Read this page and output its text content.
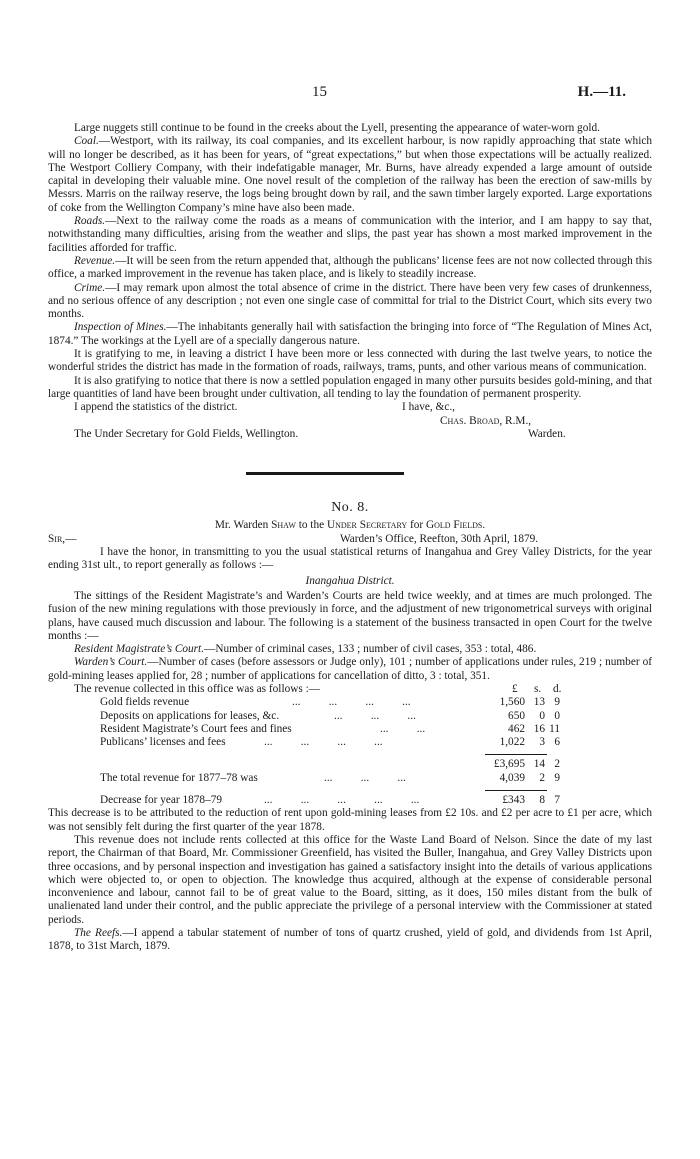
15	H.—11.

Large nuggets still continue to be found in the creeks about the Lyell, presenting the appearance of water-worn gold.

Coal.—Westport, with its railway, its coal companies, and its excellent harbour, is now rapidly approaching that state which will no longer be described, as it has been for years, of “great expectations,” but when those expectations will be actually realized. The Westport Colliery Company, with their indefatigable manager, Mr. Burns, have already expended a large amount of outside capital in developing their valuable mine. One novel result of the completion of the railway has been the erection of saw-mills by Messrs. Marris on the railway reserve, the logs being brought down by rail, and the sawn timber largely exported. Large exportations of coke from the Wellington Company’s mine have also been made.

Roads.—Next to the railway come the roads as a means of communication with the interior, and I am happy to say that, notwithstanding many difficulties, arising from the weather and slips, the past year has shown a most marked improvement in the facilities afforded for traffic.

Revenue.—It will be seen from the return appended that, although the publicans’ license fees are not now collected through this office, a marked improvement in the revenue has taken place, and is likely to steadily increase.

Crime.—I may remark upon almost the total absence of crime in the district. There have been very few cases of drunkenness, and no serious offence of any description ; not even one single case of committal for trial to the District Court, which sits every two months.

Inspection of Mines.—The inhabitants generally hail with satisfaction the bringing into force of “The Regulation of Mines Act, 1874.” The workings at the Lyell are of a specially dangerous nature.

It is gratifying to me, in leaving a district I have been more or less connected with during the last twelve years, to notice the wonderful strides the district has made in the formation of roads, railways, trams, punts, and other various means of communication.

It is also gratifying to notice that there is now a settled population engaged in many other pursuits besides gold-mining, and that large quantities of land have been brought under cultivation, all tending to lay the foundation of permanent prosperity.

I append the statistics of the district.	I have, &c.,
Chas. Broad, R.M.,
The Under Secretary for Gold Fields, Wellington.	Warden.
No. 8.

Mr. Warden Shaw to the Under Secretary for Gold Fields.

Sir,—	Warden’s Office, Reefton, 30th April, 1879.

I have the honor, in transmitting to you the usual statistical returns of Inangahua and Grey Valley Districts, for the year ending 31st ult., to report generally as follows :—

Inangahua District.

The sittings of the Resident Magistrate’s and Warden’s Courts are held twice weekly, and at times are much prolonged. The fusion of the new mining regulations with those previously in force, and the adjustment of new trigonometrical surveys with original plans, have caused much discussion and labour. The following is a statement of the business transacted in open Court for the twelve months :—

Resident Magistrate’s Court.—Number of criminal cases, 133 ; number of civil cases, 353 : total, 486.

Warden’s Court.—Number of cases (before assessors or Judge only), 101 ; number of applications under rules, 219 ; number of gold-mining leases applied for, 28 ; number of applications for cancellation of ditto, 3 : total, 351.

The revenue collected in this office was as follows :—	£ s. d.
Gold fields revenue	...          ...          ...          ...	1,560 13 9
Deposits on applications for leases, &c.	...          ...          ...	650	0 0
Resident Magistrate’s Court fees and fines	...          ...	462 16 11
Publicans’ licenses and fees	...          ...          ...          ...	1,022	3 6
£3,695 14 2
The total revenue for 1877–78 was	...          ...          ...	4,039	2 9
Decrease for year 1878–79	...          ...          ...          ...          ...	£343	8 7

This decrease is to be attributed to the reduction of rent upon gold-mining leases from £2 10s. and £2 per acre to £1 per acre, which was not sensibly felt during the first quarter of the year 1878.

This revenue does not include rents collected at this office for the Waste Land Board of Nelson. Since the date of my last report, the Chairman of that Board, Mr. Commissioner Greenfield, has visited the Buller, Inangahua, and Grey Valley Districts upon three occasions, and by personal inspection and investigation has gained a satisfactory insight into the details of various applications which were objected to, or open to objection. The knowledge thus acquired, although at the expense of considerable personal inconvenience and labour, cannot fail to be of great value to the Board, sitting, as it does, 150 miles distant from the bulk of unalienated land under their control, and the public appreciate the privilege of a personal interview with the Commissioner at stated periods.

The Reefs.—I append a tabular statement of number of tons of quartz crushed, yield of gold, and dividends from 1st April, 1878, to 31st March, 1879.
